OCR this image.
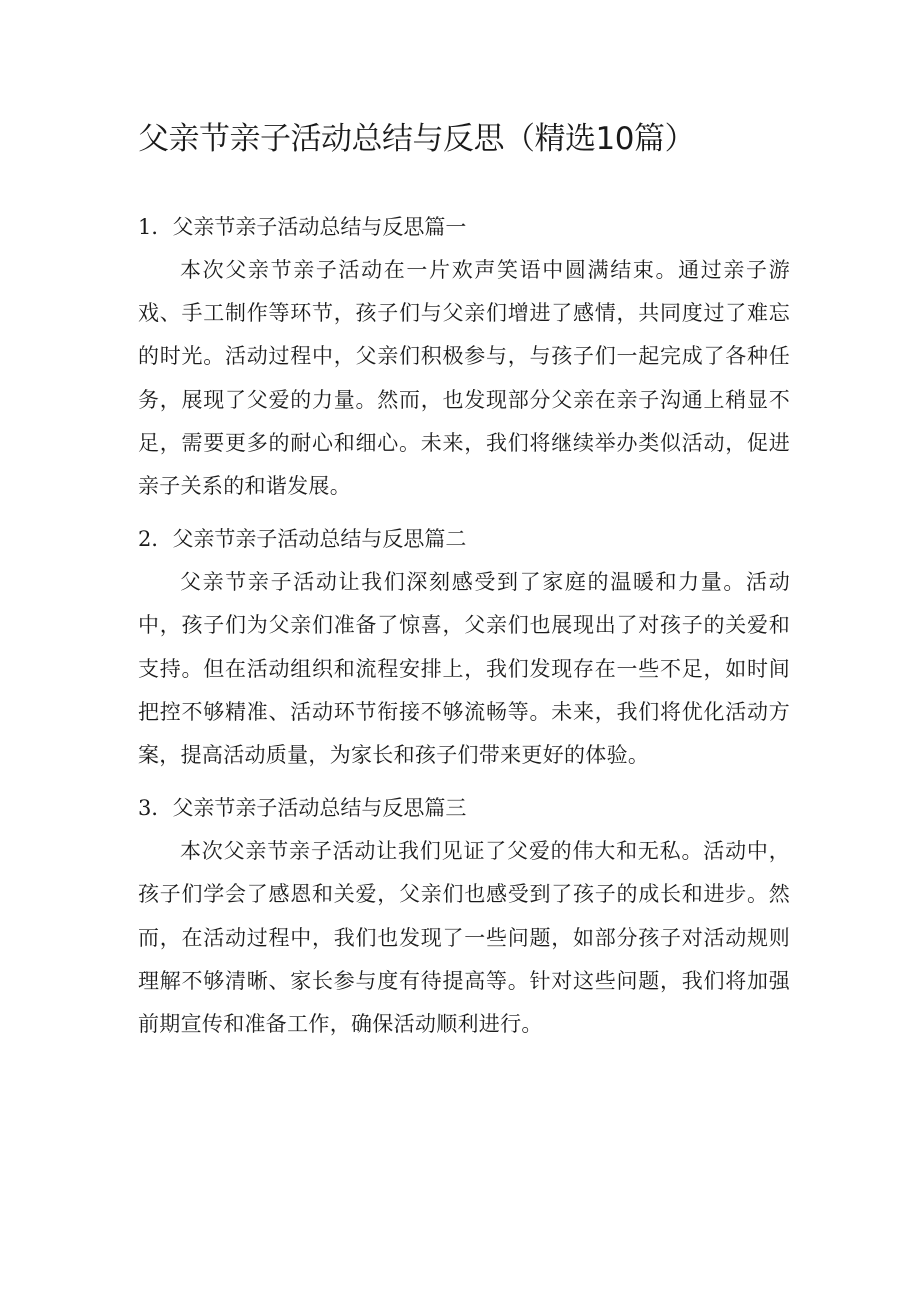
父亲节亲子活动总结与反思（精选10篇）
1．父亲节亲子活动总结与反思篇一

本次父亲节亲子活动在一片欢声笑语中圆满结束。通过亲子游戏、手工制作等环节，孩子们与父亲们增进了感情，共同度过了难忘的时光。活动过程中，父亲们积极参与，与孩子们一起完成了各种任务，展现了父爱的力量。然而，也发现部分父亲在亲子沟通上稍显不足，需要更多的耐心和细心。未来，我们将继续举办类似活动，促进亲子关系的和谐发展。

2．父亲节亲子活动总结与反思篇二

父亲节亲子活动让我们深刻感受到了家庭的温暖和力量。活动中，孩子们为父亲们准备了惊喜，父亲们也展现出了对孩子的关爱和支持。但在活动组织和流程安排上，我们发现存在一些不足，如时间把控不够精准、活动环节衔接不够流畅等。未来，我们将优化活动方案，提高活动质量，为家长和孩子们带来更好的体验。

3．父亲节亲子活动总结与反思篇三

本次父亲节亲子活动让我们见证了父爱的伟大和无私。活动中，孩子们学会了感恩和关爱，父亲们也感受到了孩子的成长和进步。然而，在活动过程中，我们也发现了一些问题，如部分孩子对活动规则理解不够清晰、家长参与度有待提高等。针对这些问题，我们将加强前期宣传和准备工作，确保活动顺利进行。
